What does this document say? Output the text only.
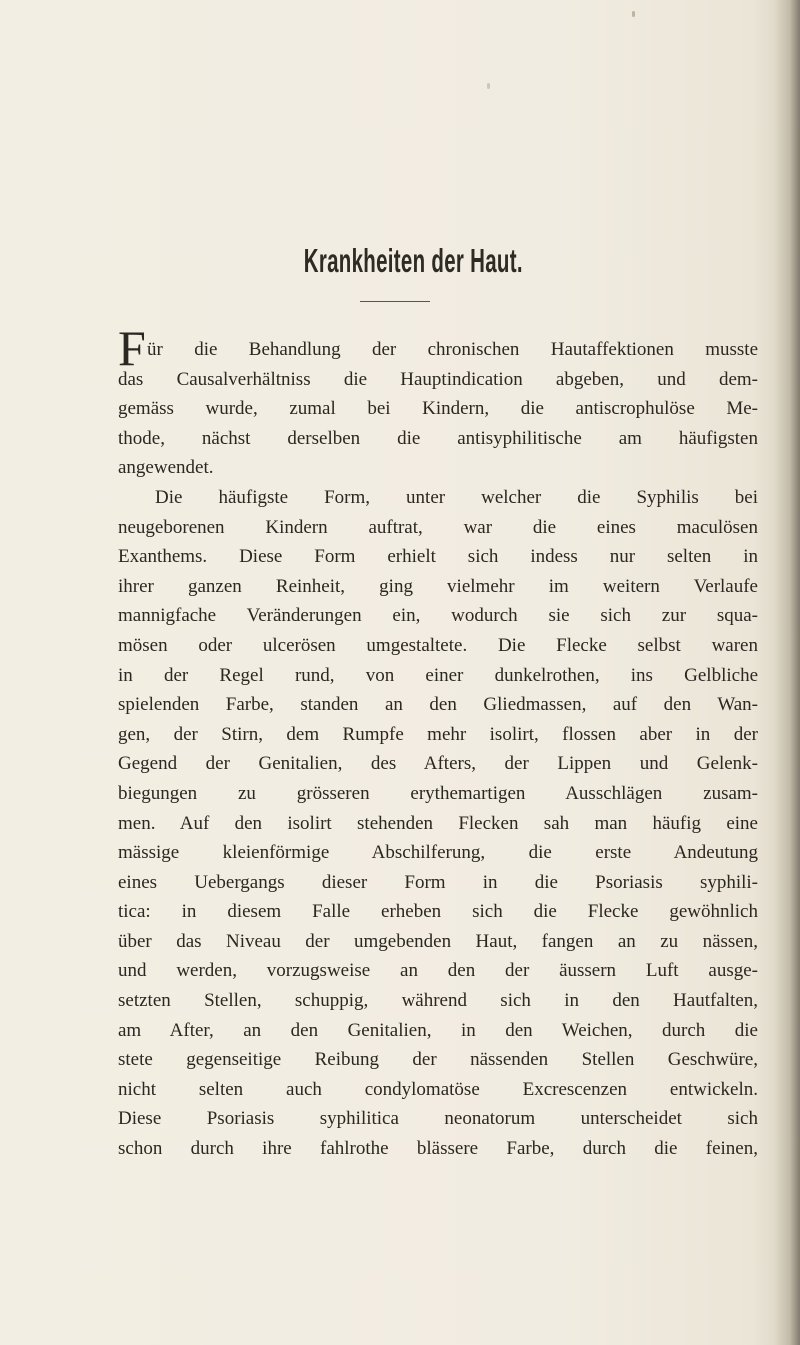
Krankheiten der Haut.
F ür die Behandlung der chronischen Hautaffektionen musste
das Causalverhältniss die Hauptindication abgeben, und dem-
gemäss wurde, zumal bei Kindern, die antiscrophulöse Me-
thode, nächst derselben die antisyphilitische am häufigsten
angewendet.
Die häufigste Form, unter welcher die Syphilis bei
neugeborenen Kindern auftrat, war die eines maculösen
Exanthems. Diese Form erhielt sich indess nur selten in
ihrer ganzen Reinheit, ging vielmehr im weitern Verlaufe
mannigfache Veränderungen ein, wodurch sie sich zur squa-
mösen oder ulcerösen umgestaltete. Die Flecke selbst waren
in der Regel rund, von einer dunkelrothen, ins Gelbliche
spielenden Farbe, standen an den Gliedmassen, auf den Wan-
gen, der Stirn, dem Rumpfe mehr isolirt, flossen aber in der
Gegend der Genitalien, des Afters, der Lippen und Gelenk-
biegungen zu grösseren erythemartigen Ausschlägen zusam-
men. Auf den isolirt stehenden Flecken sah man häufig eine
mässige kleienförmige Abschilferung, die erste Andeutung
eines Uebergangs dieser Form in die Psoriasis syphili-
tica: in diesem Falle erheben sich die Flecke gewöhnlich
über das Niveau der umgebenden Haut, fangen an zu nässen,
und werden, vorzugsweise an den der äussern Luft ausge-
setzten Stellen, schuppig, während sich in den Hautfalten,
am After, an den Genitalien, in den Weichen, durch die
stete gegenseitige Reibung der nässenden Stellen Geschwüre,
nicht selten auch condylomatöse Excrescenzen entwickeln.
Diese Psoriasis syphilitica neonatorum unterscheidet sich
schon durch ihre fahlrothe blässere Farbe, durch die feinen,
